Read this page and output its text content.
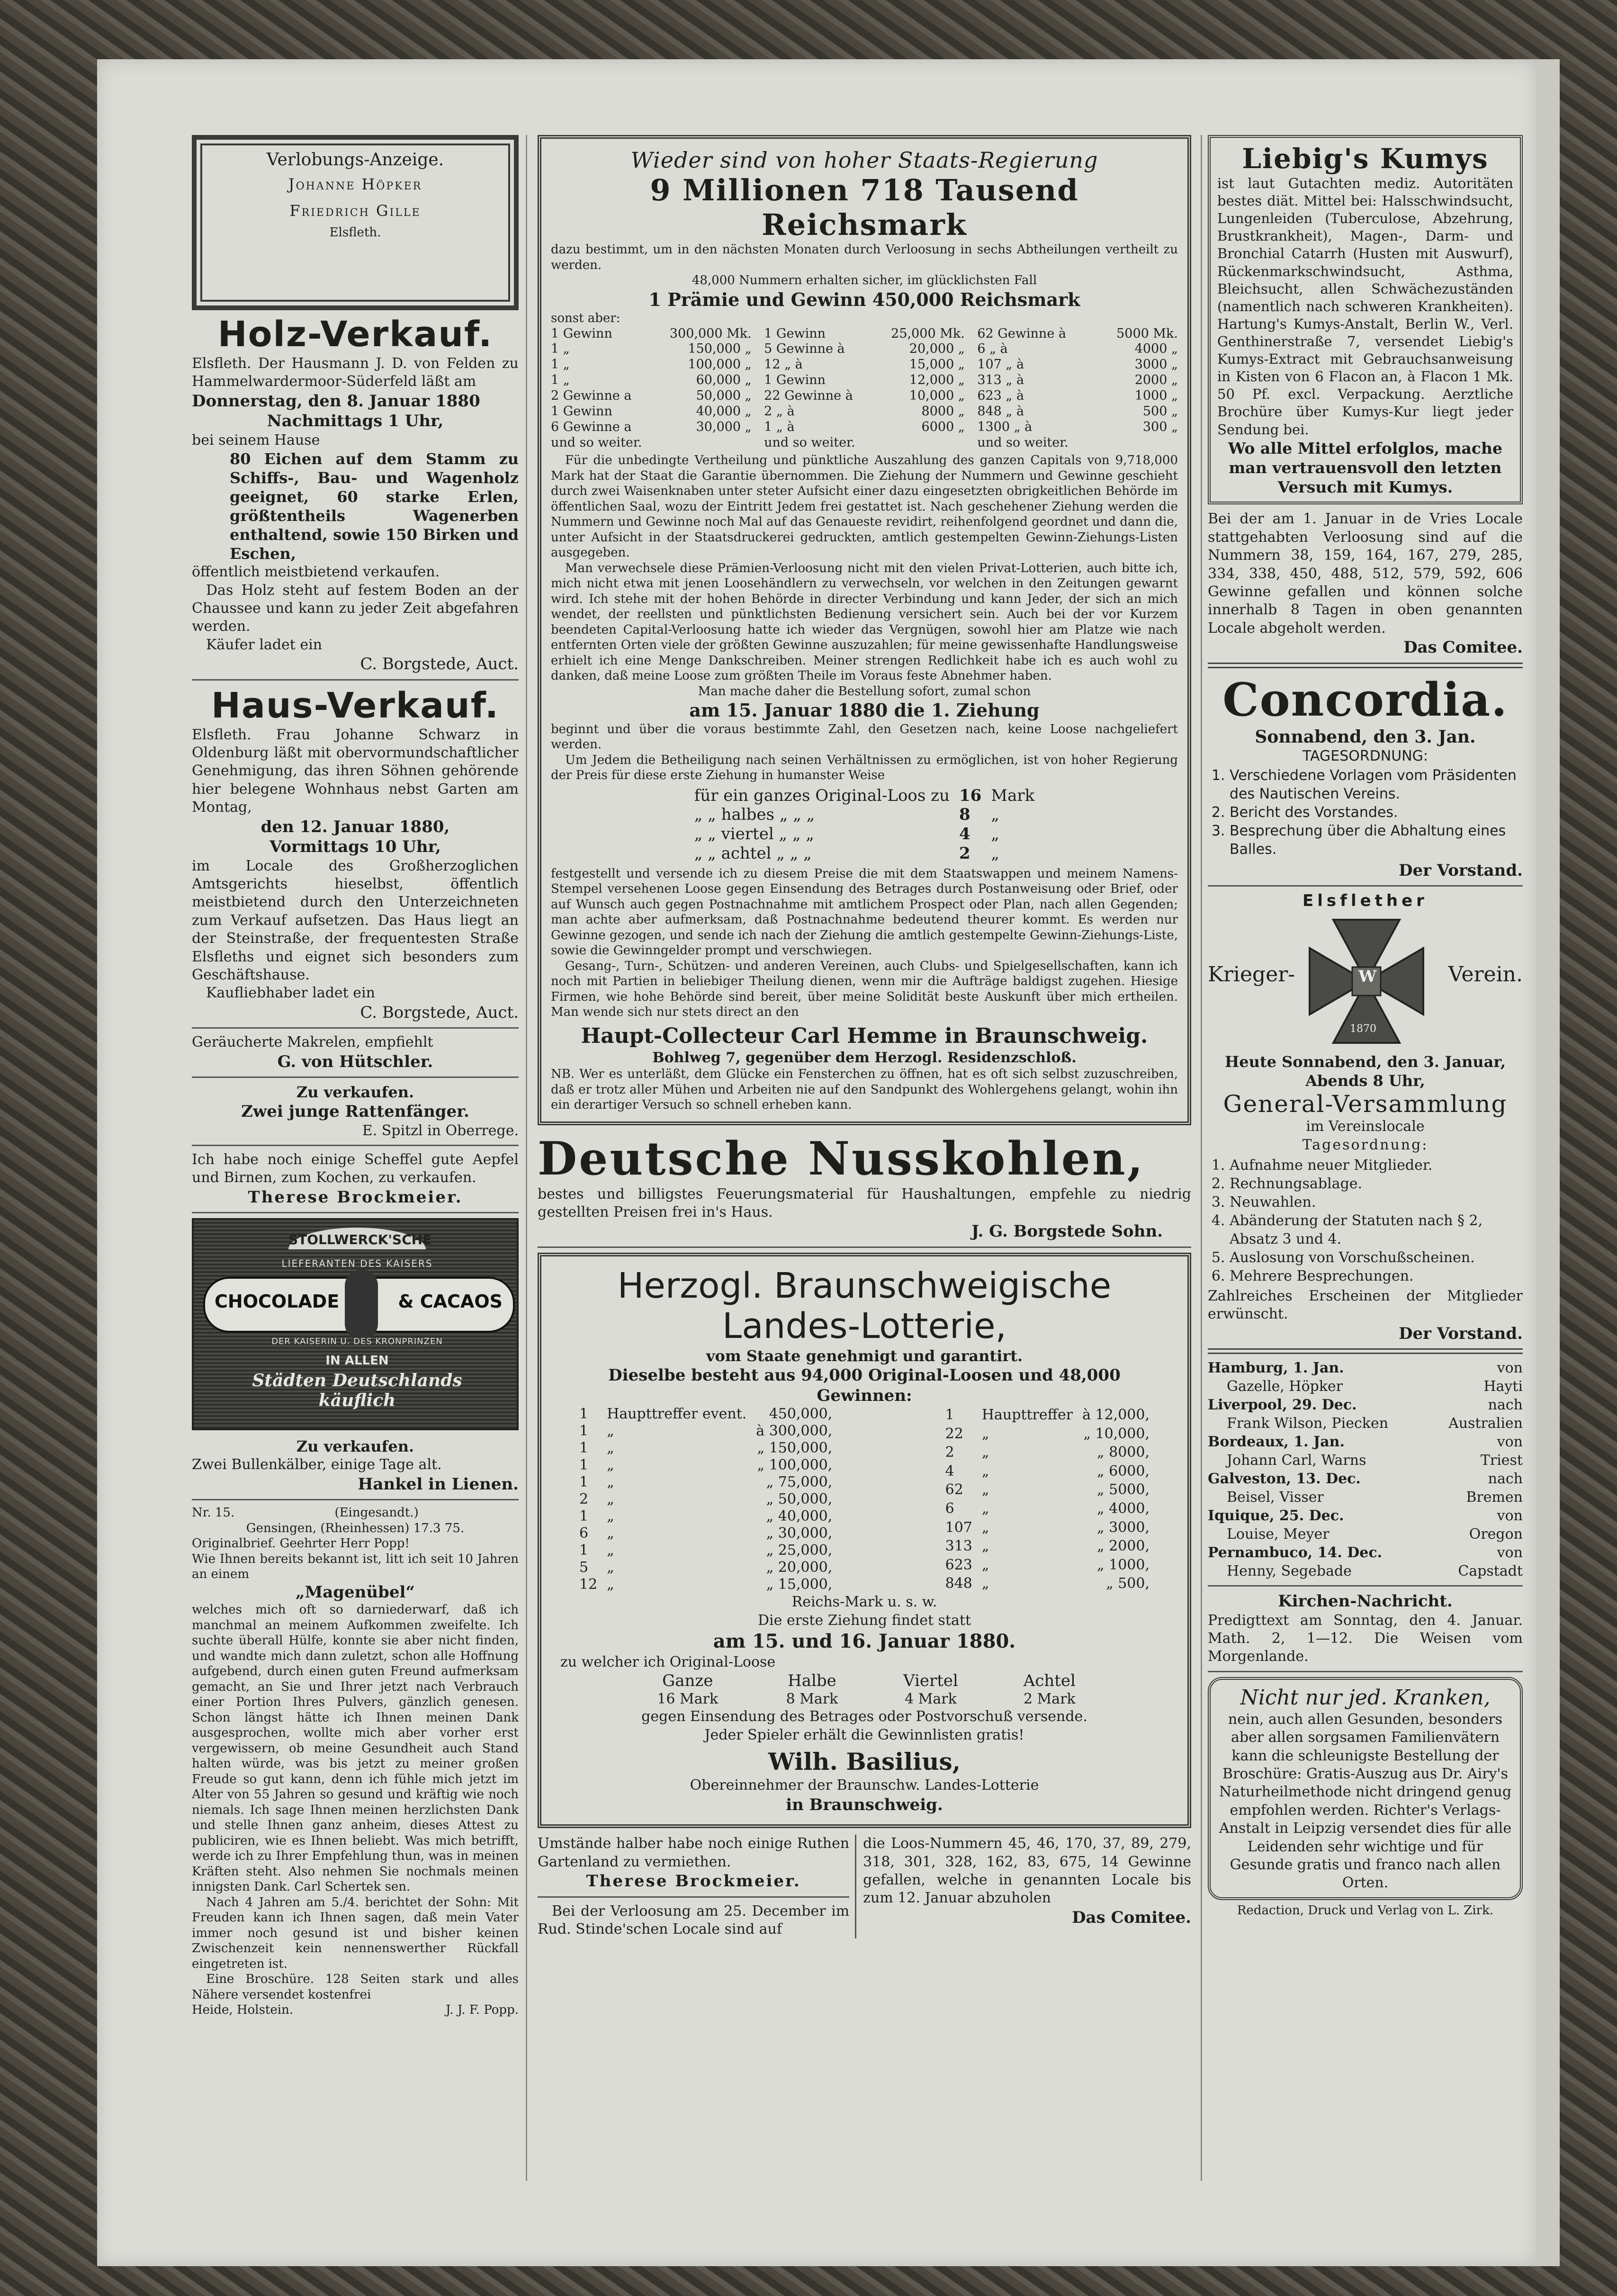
Verlobungs-Anzeige.

Johanne Höpker

Friedrich Gille

Elsfleth.

Holz-Verkauf.

Elsfleth. Der Hausmann J. D. von Felden zu Hammelwardermoor-Süderfeld läßt am

Donnerstag, den 8. Januar 1880

Nachmittags 1 Uhr,

bei seinem Hause

80 Eichen auf dem Stamm zu Schiffs-, Bau- und Wagenholz geeignet, 60 starke Erlen, größtentheils Wagenerben enthaltend, sowie 150 Birken und Eschen,

öffentlich meistbietend verkaufen.

Das Holz steht auf festem Boden an der Chaussee und kann zu jeder Zeit abgefahren werden.

Käufer ladet ein

C. Borgstede, Auct.

Haus-Verkauf.

Elsfleth. Frau Johanne Schwarz in Oldenburg läßt mit obervormundschaftlicher Genehmigung, das ihren Söhnen gehörende hier belegene Wohnhaus nebst Garten am Montag,

den 12. Januar 1880,

Vormittags 10 Uhr,

im Locale des Großherzoglichen Amtsgerichts hieselbst, öffentlich meistbietend durch den Unterzeichneten zum Verkauf aufsetzen. Das Haus liegt an der Steinstraße, der frequentesten Straße Elsfleths und eignet sich besonders zum Geschäftshause.

Kaufliebhaber ladet ein

C. Borgstede, Auct.

Geräucherte Makrelen, empfiehlt

G. von Hütschler.

Zu verkaufen.

Zwei junge Rattenfänger.

E. Spitzl in Oberrege.

Ich habe noch einige Scheffel gute Aepfel und Birnen, zum Kochen, zu verkaufen.

Therese Brockmeier.

STOLLWERCK'SCHE
LIEFERANTEN DES KAISERS
CHOCOLADE	& CACAOS
DER KAISERIN U. DES KRONPRINZEN
IN ALLEN
Städten Deutschlands käuflich

Zu verkaufen.

Zwei Bullenkälber, einige Tage alt.

Hankel in Lienen.

Nr. 15.	(Eingesandt.)

Gensingen, (Rheinhessen) 17.3 75.

Originalbrief. Geehrter Herr Popp!

Wie Ihnen bereits bekannt ist, litt ich seit 10 Jahren an einem

„Magenübel“

welches mich oft so darniederwarf, daß ich manchmal an meinem Aufkommen zweifelte. Ich suchte überall Hülfe, konnte sie aber nicht finden, und wandte mich dann zuletzt, schon alle Hoffnung aufgebend, durch einen guten Freund aufmerksam gemacht, an Sie und Ihrer jetzt nach Verbrauch einer Portion Ihres Pulvers, gänzlich genesen. Schon längst hätte ich Ihnen meinen Dank ausgesprochen, wollte mich aber vorher erst vergewissern, ob meine Gesundheit auch Stand halten würde, was bis jetzt zu meiner großen Freude so gut kann, denn ich fühle mich jetzt im Alter von 55 Jahren so gesund und kräftig wie noch niemals. Ich sage Ihnen meinen herzlichsten Dank und stelle Ihnen ganz anheim, dieses Attest zu publiciren, wie es Ihnen beliebt. Was mich betrifft, werde ich zu Ihrer Empfehlung thun, was in meinen Kräften steht. Also nehmen Sie nochmals meinen innigsten Dank. Carl Schertek sen.

Nach 4 Jahren am 5./4. berichtet der Sohn: Mit Freuden kann ich Ihnen sagen, daß mein Vater immer noch gesund ist und bisher keinen Zwischenzeit kein nennenswerther Rückfall eingetreten ist.

Eine Broschüre. 128 Seiten stark und alles Nähere versendet kostenfrei

Heide, Holstein.	J. J. F. Popp.

Wieder sind von hoher Staats-Regierung

9 Millionen 718 Tausend Reichsmark

dazu bestimmt, um in den nächsten Monaten durch Verloosung in sechs Abtheilungen vertheilt zu werden.

48,000 Nummern erhalten sicher, im glücklichsten Fall

1 Prämie und Gewinn 450,000 Reichsmark

sonst aber:

1 Gewinn	300,000 Mk.
1 „	150,000 „
1 „	100,000 „
1 „	60,000 „
2 Gewinne a	50,000 „
1 Gewinn	40,000 „
6 Gewinne a	30,000 „
und so weiter.
1 Gewinn	25,000 Mk.
5 Gewinne à	20,000 „
12 „ à	15,000 „
1 Gewinn	12,000 „
22 Gewinne à	10,000 „
2 „ à	8000 „
1 „ à	6000 „
und so weiter.
62 Gewinne à	5000 Mk.
6 „ à	4000 „
107 „ à	3000 „
313 „ à	2000 „
623 „ à	1000 „
848 „ à	500 „
1300 „ à	300 „
und so weiter.

Für die unbedingte Vertheilung und pünktliche Auszahlung des ganzen Capitals von 9,718,000 Mark hat der Staat die Garantie übernommen. Die Ziehung der Nummern und Gewinne geschieht durch zwei Waisenknaben unter steter Aufsicht einer dazu eingesetzten obrigkeitlichen Behörde im öffentlichen Saal, wozu der Eintritt Jedem frei gestattet ist. Nach geschehener Ziehung werden die Nummern und Gewinne noch Mal auf das Genaueste revidirt, reihenfolgend geordnet und dann die, unter Aufsicht in der Staatsdruckerei gedruckten, amtlich gestempelten Gewinn-Ziehungs-Listen ausgegeben.

Man verwechsele diese Prämien-Verloosung nicht mit den vielen Privat-Lotterien, auch bitte ich, mich nicht etwa mit jenen Loosehändlern zu verwechseln, vor welchen in den Zeitungen gewarnt wird. Ich stehe mit der hohen Behörde in directer Verbindung und kann Jeder, der sich an mich wendet, der reellsten und pünktlichsten Bedienung versichert sein. Auch bei der vor Kurzem beendeten Capital-Verloosung hatte ich wieder das Vergnügen, sowohl hier am Platze wie nach entfernten Orten viele der größten Gewinne auszuzahlen; für meine gewissenhafte Handlungsweise erhielt ich eine Menge Dankschreiben. Meiner strengen Redlichkeit habe ich es auch wohl zu danken, daß meine Loose zum größten Theile im Voraus feste Abnehmer haben.

Man mache daher die Bestellung sofort, zumal schon

am 15. Januar 1880 die 1. Ziehung

beginnt und über die voraus bestimmte Zahl, den Gesetzen nach, keine Loose nachgeliefert werden.

Um Jedem die Betheiligung nach seinen Verhältnissen zu ermöglichen, ist von hoher Regierung der Preis für diese erste Ziehung in humanster Weise

für ein ganzes Original-Loos zu	16	Mark
„ „ halbes „ „ „	8	„
„ „ viertel „ „ „	4	„
„ „ achtel „ „ „	2	„

festgestellt und versende ich zu diesem Preise die mit dem Staatswappen und meinem Namens-Stempel versehenen Loose gegen Einsendung des Betrages durch Postanweisung oder Brief, oder auf Wunsch auch gegen Postnachnahme mit amtlichem Prospect oder Plan, nach allen Gegenden; man achte aber aufmerksam, daß Postnachnahme bedeutend theurer kommt. Es werden nur Gewinne gezogen, und sende ich nach der Ziehung die amtlich gestempelte Gewinn-Ziehungs-Liste, sowie die Gewinngelder prompt und verschwiegen.

Gesang-, Turn-, Schützen- und anderen Vereinen, auch Clubs- und Spielgesellschaften, kann ich noch mit Partien in beliebiger Theilung dienen, wenn mir die Aufträge baldigst zugehen. Hiesige Firmen, wie hohe Behörde sind bereit, über meine Solidität beste Auskunft über mich ertheilen. Man wende sich nur stets direct an den

Haupt-Collecteur Carl Hemme in Braunschweig.

Bohlweg 7, gegenüber dem Herzogl. Residenzschloß.

NB. Wer es unterläßt, dem Glücke ein Fensterchen zu öffnen, hat es oft sich selbst zuzuschreiben, daß er trotz aller Mühen und Arbeiten nie auf den Sandpunkt des Wohlergehens gelangt, wohin ihn ein derartiger Versuch so schnell erheben kann.

Deutsche Nusskohlen,

bestes und billigstes Feuerungsmaterial für Haushaltungen, empfehle zu niedrig gestellten Preisen frei in's Haus.

J. G. Borgstede Sohn.

Herzogl. Braunschweigische

Landes-Lotterie,

vom Staate genehmigt und garantirt.

Dieselbe besteht aus 94,000 Original-Loosen und 48,000 Gewinnen:

1	Haupttreffer event.	450,000,
1	„	à 300,000,
1	„	„ 150,000,
1	„	„ 100,000,
1	„	„ 75,000,
2	„	„ 50,000,
1	„	„ 40,000,
6	„	„ 30,000,
1	„	„ 25,000,
5	„	„ 20,000,
12	„	„ 15,000,
1	Haupttreffer	à 12,000,
22	„	„ 10,000,
2	„	„ 8000,
4	„	„ 6000,
62	„	„ 5000,
6	„	„ 4000,
107	„	„ 3000,
313	„	„ 2000,
623	„	„ 1000,
848	„	„ 500,

Reichs-Mark u. s. w.

Die erste Ziehung findet statt

am 15. und 16. Januar 1880.

zu welcher ich Original-Loose

Ganze	Halbe	Viertel	Achtel
16 Mark	8 Mark	4 Mark	2 Mark

gegen Einsendung des Betrages oder Postvorschuß versende.

Jeder Spieler erhält die Gewinnlisten gratis!

Wilh. Basilius,

Obereinnehmer der Braunschw. Landes-Lotterie

in Braunschweig.

Umstände halber habe noch einige Ruthen Gartenland zu vermiethen.

Therese Brockmeier.

Bei der Verloosung am 25. December im Rud. Stinde'schen Locale sind auf

die Loos-Nummern 45, 46, 170, 37, 89, 279, 318, 301, 328, 162, 83, 675, 14 Gewinne gefallen, welche in genannten Locale bis zum 12. Januar abzuholen

Das Comitee.

Liebig's Kumys

ist laut Gutachten mediz. Autoritäten bestes diät. Mittel bei: Halsschwindsucht, Lungenleiden (Tuberculose, Abzehrung, Brustkrankheit), Magen-, Darm- und Bronchial Catarrh (Husten mit Auswurf), Rückenmarkschwindsucht, Asthma, Bleichsucht, allen Schwächezuständen (namentlich nach schweren Krankheiten). Hartung's Kumys-Anstalt, Berlin W., Verl. Genthinerstraße 7, versendet Liebig's Kumys-Extract mit Gebrauchsanweisung in Kisten von 6 Flacon an, à Flacon 1 Mk. 50 Pf. excl. Verpackung. Aerztliche Brochüre über Kumys-Kur liegt jeder Sendung bei.

Wo alle Mittel erfolglos, mache man vertrauensvoll den letzten Versuch mit Kumys.

Bei der am 1. Januar in de Vries Locale stattgehabten Verloosung sind auf die Nummern 38, 159, 164, 167, 279, 285, 334, 338, 450, 488, 512, 579, 592, 606 Gewinne gefallen und können solche innerhalb 8 Tagen in oben genannten Locale abgeholt werden.

Das Comitee.

Concordia.

Sonnabend, den 3. Jan.

TAGESORDNUNG:

1. Verschiedene Vorlagen vom Präsidenten des Nautischen Vereins.
2. Bericht des Vorstandes.
3. Besprechung über die Abhaltung eines Balles.

Der Vorstand.

Elsflether

Krieger-	W
1870
Verein.

Heute Sonnabend, den 3. Januar,

Abends 8 Uhr,

General-Versammlung

im Vereinslocale

Tagesordnung:

1. Aufnahme neuer Mitglieder.
2. Rechnungsablage.
3. Neuwahlen.
4. Abänderung der Statuten nach § 2, Absatz 3 und 4.
5. Auslosung von Vorschußscheinen.
6. Mehrere Besprechungen.

Zahlreiches Erscheinen der Mitglieder erwünscht.

Der Vorstand.

Hamburg, 1. Jan.	von
Gazelle, Höpker	Hayti
Liverpool, 29. Dec.	nach
Frank Wilson, Piecken	Australien
Bordeaux, 1. Jan.	von
Johann Carl, Warns	Triest
Galveston, 13. Dec.	nach
Beisel, Visser	Bremen
Iquique, 25. Dec.	von
Louise, Meyer	Oregon
Pernambuco, 14. Dec.	von
Henny, Segebade	Capstadt

Kirchen-Nachricht.

Predigttext am Sonntag, den 4. Januar. Math. 2, 1—12. Die Weisen vom Morgenlande.

Nicht nur jed. Kranken,

nein, auch allen Gesunden, besonders aber allen sorgsamen Familienvätern kann die schleunigste Bestellung der Broschüre: Gratis-Auszug aus Dr. Airy's Naturheilmethode nicht dringend genug empfohlen werden. Richter's Verlags-Anstalt in Leipzig versendet dies für alle Leidenden sehr wichtige und für Gesunde gratis und franco nach allen Orten.

Redaction, Druck und Verlag von L. Zirk.
